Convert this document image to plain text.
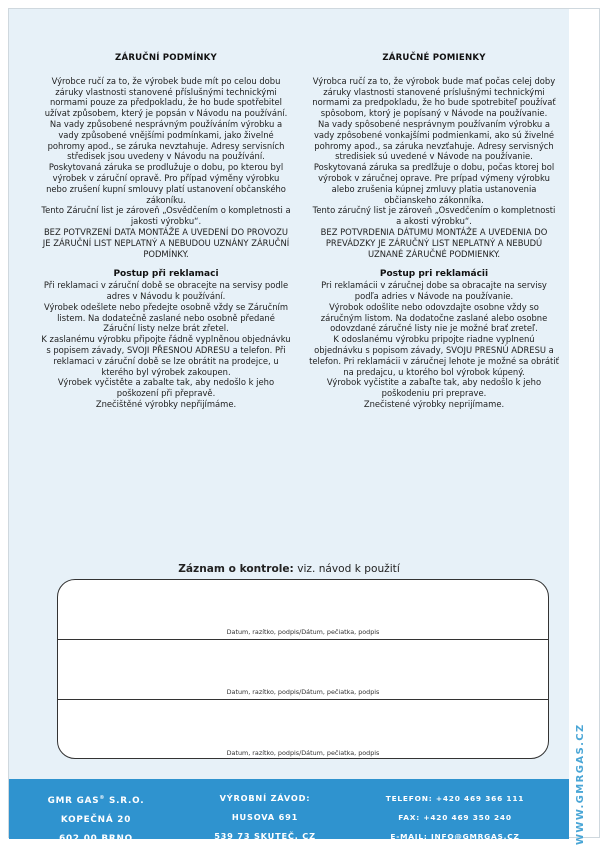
ZÁRUČNÍ PODMÍNKY

Výrobce ručí za to, že výrobek bude mít po celou dobu záruky vlastnosti stanovené příslušnými technickými normami pouze za předpokladu, že ho bude spotřebitel užívat způsobem, který je popsán v Návodu na používání.

Na vady způsobené nesprávným používáním výrobku a vady způsobené vnějšími podmínkami, jako živelné pohromy apod., se záruka nevztahuje. Adresy servisních středisek jsou uvedeny v Návodu na používání.

Poskytovaná záruka se prodlužuje o dobu, po kterou byl výrobek v záruční opravě. Pro případ výměny výrobku nebo zrušení kupní smlouvy platí ustanovení občanského zákoníku.

Tento Záruční list je zároveň „Osvědčením o kompletnosti a jakosti výrobku“.

BEZ POTVRZENÍ DATA MONTÁŽE A UVEDENÍ DO PROVOZU JE ZÁRUČNÍ LIST NEPLATNÝ A NEBUDOU UZNÁNY ZÁRUČNÍ PODMÍNKY.

Postup při reklamaci

Při reklamaci v záruční době se obracejte na servisy podle adres v Návodu k používání.

Výrobek odešlete nebo předejte osobně vždy se Záručním listem. Na dodatečně zaslané nebo osobně předané Záruční listy nelze brát zřetel.

K zaslanému výrobku připojte řádně vyplněnou objednávku s popisem závady, SVOJI PŘESNOU ADRESU a telefon. Při reklamaci v záruční době se lze obrátit na prodejce, u kterého byl výrobek zakoupen.

Výrobek vyčistěte a zabalte tak, aby nedošlo k jeho poškození při přepravě.

Znečištěné výrobky nepřijímáme.

ZÁRUČNÉ POMIENKY

Výrobca ručí za to, že výrobok bude mať počas celej doby záruky vlastnosti stanovené príslušnými technickými normami za predpokladu, že ho bude spotrebiteľ používať spôsobom, ktorý je popísaný v Návode na používanie.

Na vady spôsobené nesprávnym používaním výrobku a vady zpôsobené vonkajšími podmienkami, ako sú živelné pohromy apod., sa záruka nevzťahuje. Adresy servisných stredisiek sú uvedené v Návode na používanie.

Poskytovaná záruka sa predlžuje o dobu, počas ktorej bol výrobok v záručnej oprave. Pre prípad výmeny výrobku alebo zrušenia kúpnej zmluvy platia ustanovenia občianskeho zákonníka.

Tento záručný list je zároveň „Osvedčením o kompletnosti a akosti výrobku“.

BEZ POTVRDENIA DÁTUMU MONTÁŽE A UVEDENIA DO PREVÁDZKY JE ZÁRUČNÝ LIST NEPLATNÝ A NEBUDÚ UZNANÉ ZÁRUČNÉ PODMIENKY.

Postup pri reklamácii

Pri reklamácii v záručnej dobe sa obracajte na servisy podľa adries v Návode na používanie.

Výrobok odošlite nebo odovzdajte osobne vždy so záručným listom. Na dodatočne zaslané alebo osobne odovzdané záručné listy nie je možné brať zreteľ.

K odoslanému výrobku pripojte riadne vyplnenú objednávku s popisom závady, SVOJU PRESNÚ ADRESU a telefon. Pri reklamácii v záručnej lehote je možné sa obrátiť na predajcu, u ktorého bol výrobok kúpený.

Výrobok vyčistite a zabaľte tak, aby nedošlo k jeho poškodeniu pri preprave.

Znečistené výrobky neprijímame.

Záznam o kontrole: viz. návod k použití
Datum, razítko, podpis/Dátum, pečiatka, podpis
Datum, razítko, podpis/Dátum, pečiatka, podpis
Datum, razítko, podpis/Dátum, pečiatka, podpis	WWW.GMRGAS.CZ
GMR GAS® S.R.O.
KOPEČNÁ 20
602 00 BRNO
VÝROBNÍ ZÁVOD:
HUSOVA 691
539 73 SKUTEČ, CZ
TELEFON: +420 469 366 111
FAX: +420 469 350 240
E-MAIL: INFO@GMRGAS.CZ
